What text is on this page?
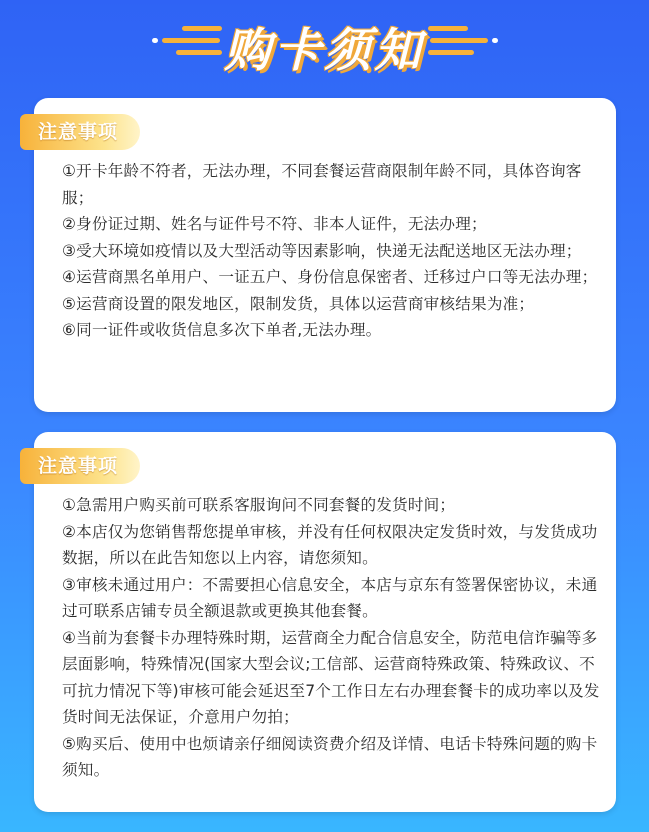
购卡须知
注意事项
①开卡年龄不符者，无法办理，不同套餐运营商限制年龄不同，具体咨询客服；
②身份证过期、姓名与证件号不符、非本人证件，无法办理；
③受大环境如疫情以及大型活动等因素影响，快递无法配送地区无法办理；
④运营商黑名单用户、一证五户、身份信息保密者、迁移过户口等无法办理；
⑤运营商设置的限发地区，限制发货，具体以运营商审核结果为准；
⑥同一证件或收货信息多次下单者,无法办理。
注意事项
①急需用户购买前可联系客服询问不同套餐的发货时间；
②本店仅为您销售帮您提单审核，并没有任何权限决定发货时效，与发货成功数据，所以在此告知您以上内容，请您须知。
③审核未通过用户：不需要担心信息安全，本店与京东有签署保密协议，未通过可联系店铺专员全额退款或更换其他套餐。
④当前为套餐卡办理特殊时期，运营商全力配合信息安全，防范电信诈骗等多层面影响，特殊情况(国家大型会议;工信部、运营商特殊政策、特殊政议、不可抗力情况下等)审核可能会延迟至7个工作日左右办理套餐卡的成功率以及发货时间无法保证，介意用户勿拍；
⑤购买后、使用中也烦请亲仔细阅读资费介绍及详情、电话卡特殊问题的购卡须知。
